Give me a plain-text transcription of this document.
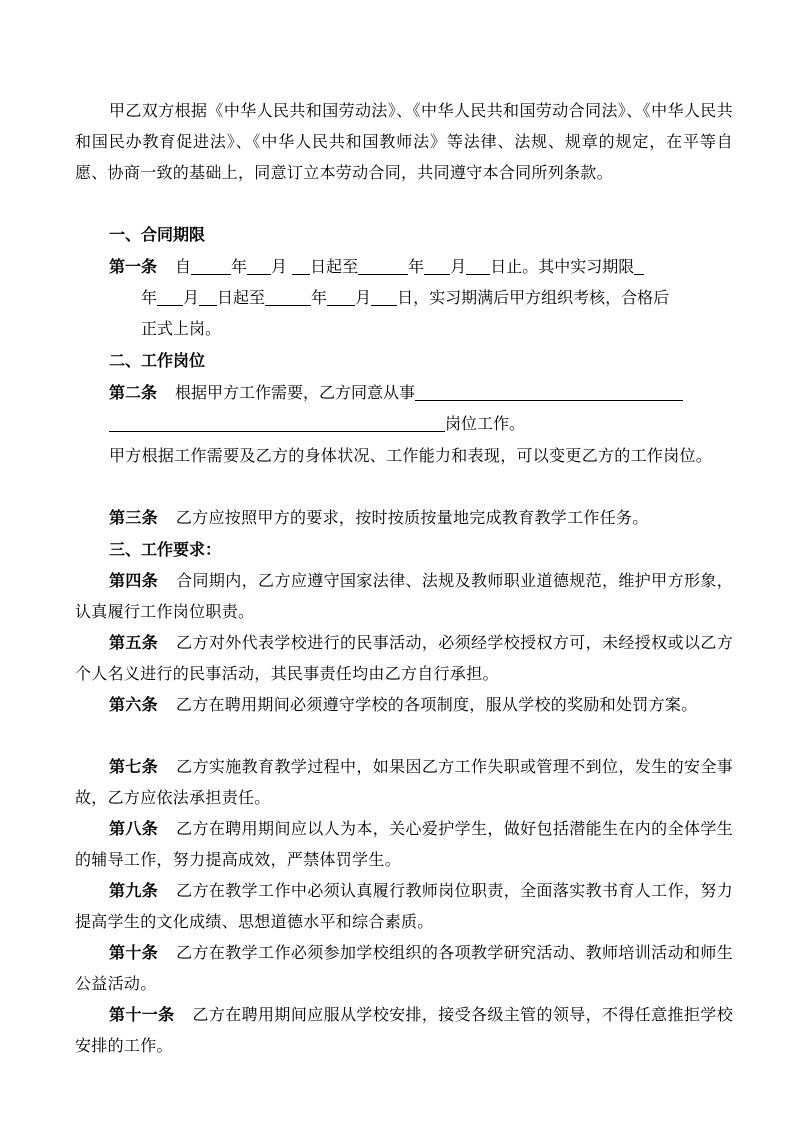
甲乙双方根据《中华人民共和国劳动法》、《中华人民共和国劳动合同法》、《中华人民共和国民办教育促进法》、《中华人民共和国教师法》等法律、法规、规章的规定，在平等自愿、协商一致的基础上，同意订立本劳动合同，共同遵守本合同所列条款。

一、合同期限

第一条 自	年 月 日起至	年 月 日止。其中实习期限

年 月 日起至	年 月 日，实习期满后甲方组织考核，合格后

正式上岗。

二、工作岗位

第二条 根据甲方工作需要，乙方同意从事

岗位工作。

甲方根据工作需要及乙方的身体状况、工作能力和表现，可以变更乙方的工作岗位。

第三条 乙方应按照甲方的要求，按时按质按量地完成教育教学工作任务。

三、工作要求：

第四条 合同期内，乙方应遵守国家法律、法规及教师职业道德规范，维护甲方形象，认真履行工作岗位职责。

第五条 乙方对外代表学校进行的民事活动，必须经学校授权方可，未经授权或以乙方个人名义进行的民事活动，其民事责任均由乙方自行承担。

第六条 乙方在聘用期间必须遵守学校的各项制度，服从学校的奖励和处罚方案。

第七条 乙方实施教育教学过程中，如果因乙方工作失职或管理不到位，发生的安全事故，乙方应依法承担责任。

第八条 乙方在聘用期间应以人为本，关心爱护学生，做好包括潜能生在内的全体学生的辅导工作，努力提高成效，严禁体罚学生。

第九条 乙方在教学工作中必须认真履行教师岗位职责，全面落实教书育人工作，努力提高学生的文化成绩、思想道德水平和综合素质。

第十条 乙方在教学工作必须参加学校组织的各项教学研究活动、教师培训活动和师生公益活动。

第十一条 乙方在聘用期间应服从学校安排，接受各级主管的领导，不得任意推拒学校安排的工作。
